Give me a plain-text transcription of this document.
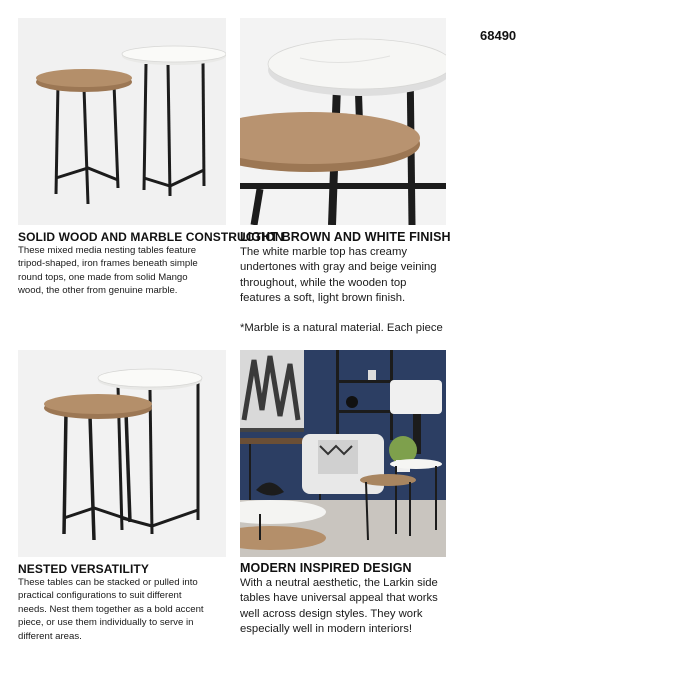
68490
SOLID WOOD AND MARBLE CONSTRUCTION
These mixed media nesting tables feature
tripod-shaped, iron frames beneath simple
round tops, one made from solid Mango
wood, the other from genuine marble.
LIGHT BROWN AND WHITE FINISH
The white marble top has creamy
undertones with gray and beige veining
throughout, while the wooden top
features a soft, light brown finish.
*Marble is a natural material. Each piece
NESTED VERSATILITY
These tables can be stacked or pulled into
practical configurations to suit different
needs. Nest them together as a bold accent
piece, or use them individually to serve in
different areas.
MODERN INSPIRED DESIGN
With a neutral aesthetic, the Larkin side
tables have universal appeal that works
well across design styles. They work
especially well in modern interiors!
